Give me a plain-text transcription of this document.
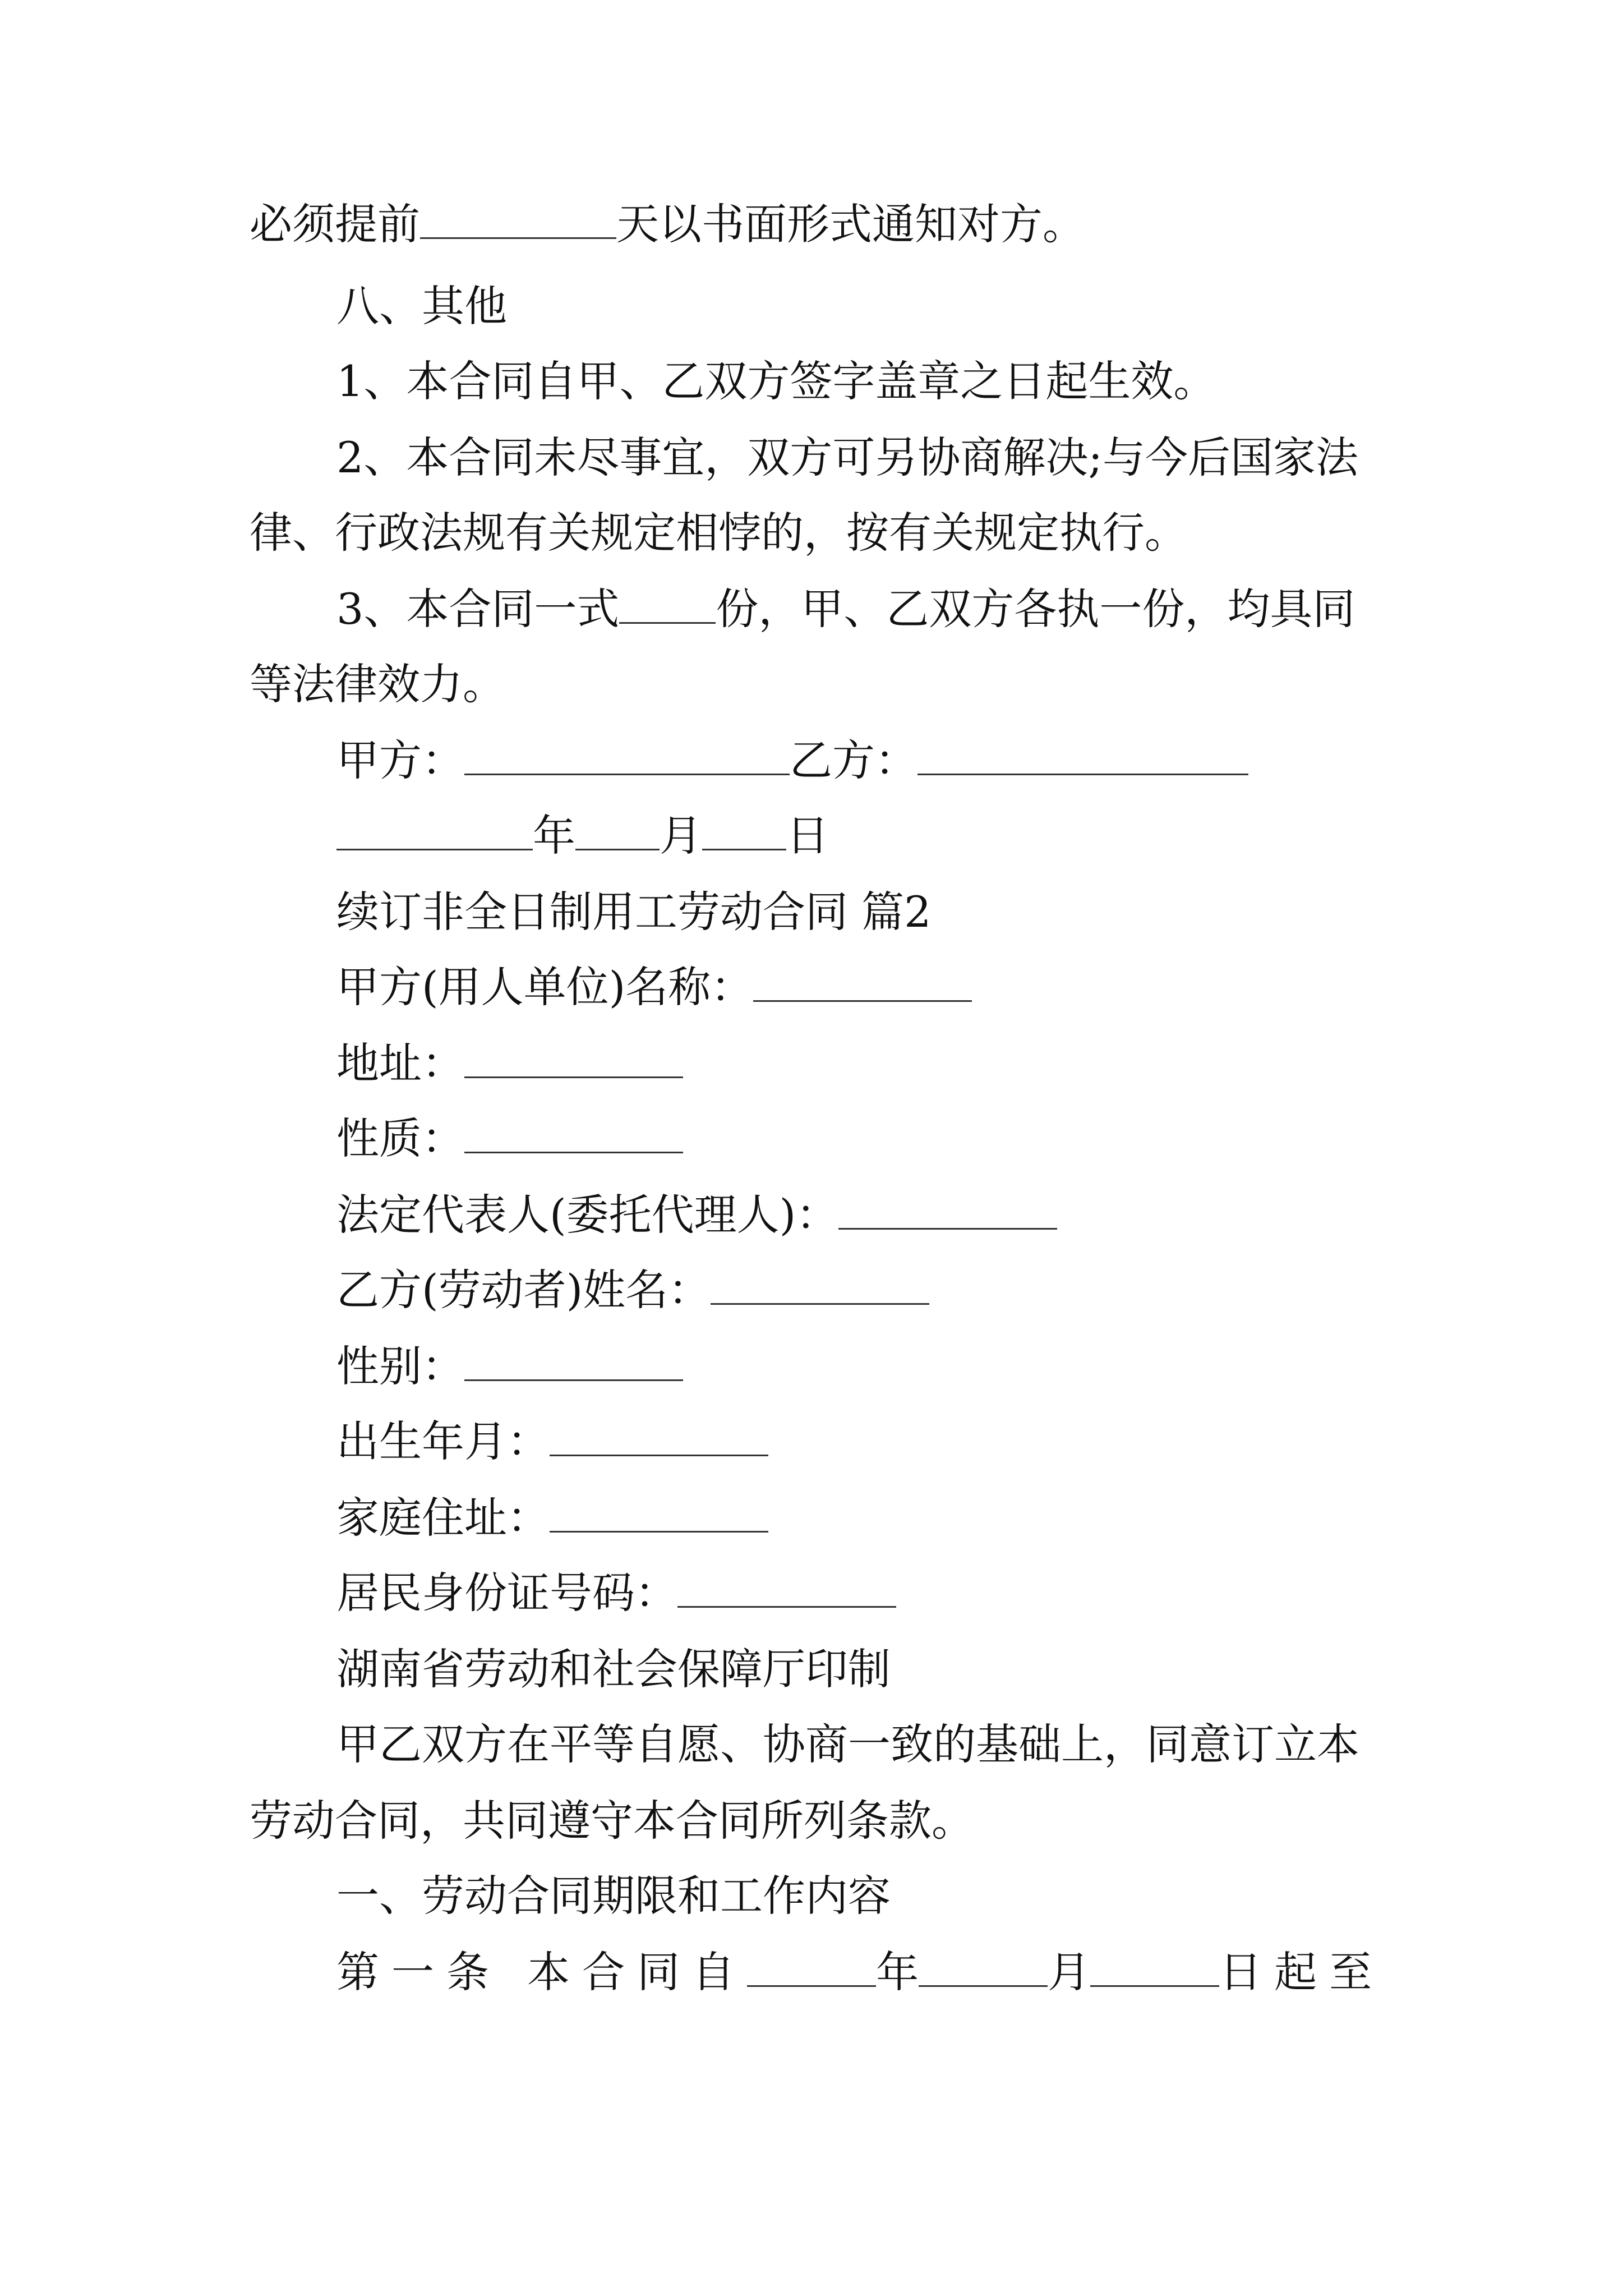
必须提前	天以书面形式通知对方。
八、其他
1、本合同自甲、乙双方签字盖章之日起生效。
2、本合同未尽事宜，双方可另协商解决;与今后国家法
律、行政法规有关规定相悖的，按有关规定执行。
3、本合同一式 份，甲、乙双方各执一份，均具同
等法律效力。
甲方：	乙方：
年 月 日
续订非全日制用工劳动合同 篇2
甲方(用人单位)名称：
地址：
性质：
法定代表人(委托代理人)：
乙方(劳动者)姓名：
性别：
出生年月：
家庭住址：
居民身份证号码：
湖南省劳动和社会保障厅印制
甲乙双方在平等自愿、协商一致的基础上，同意订立本
劳动合同，共同遵守本合同所列条款。
一、劳动合同期限和工作内容
第一条 本合同自	年	月	日起至
